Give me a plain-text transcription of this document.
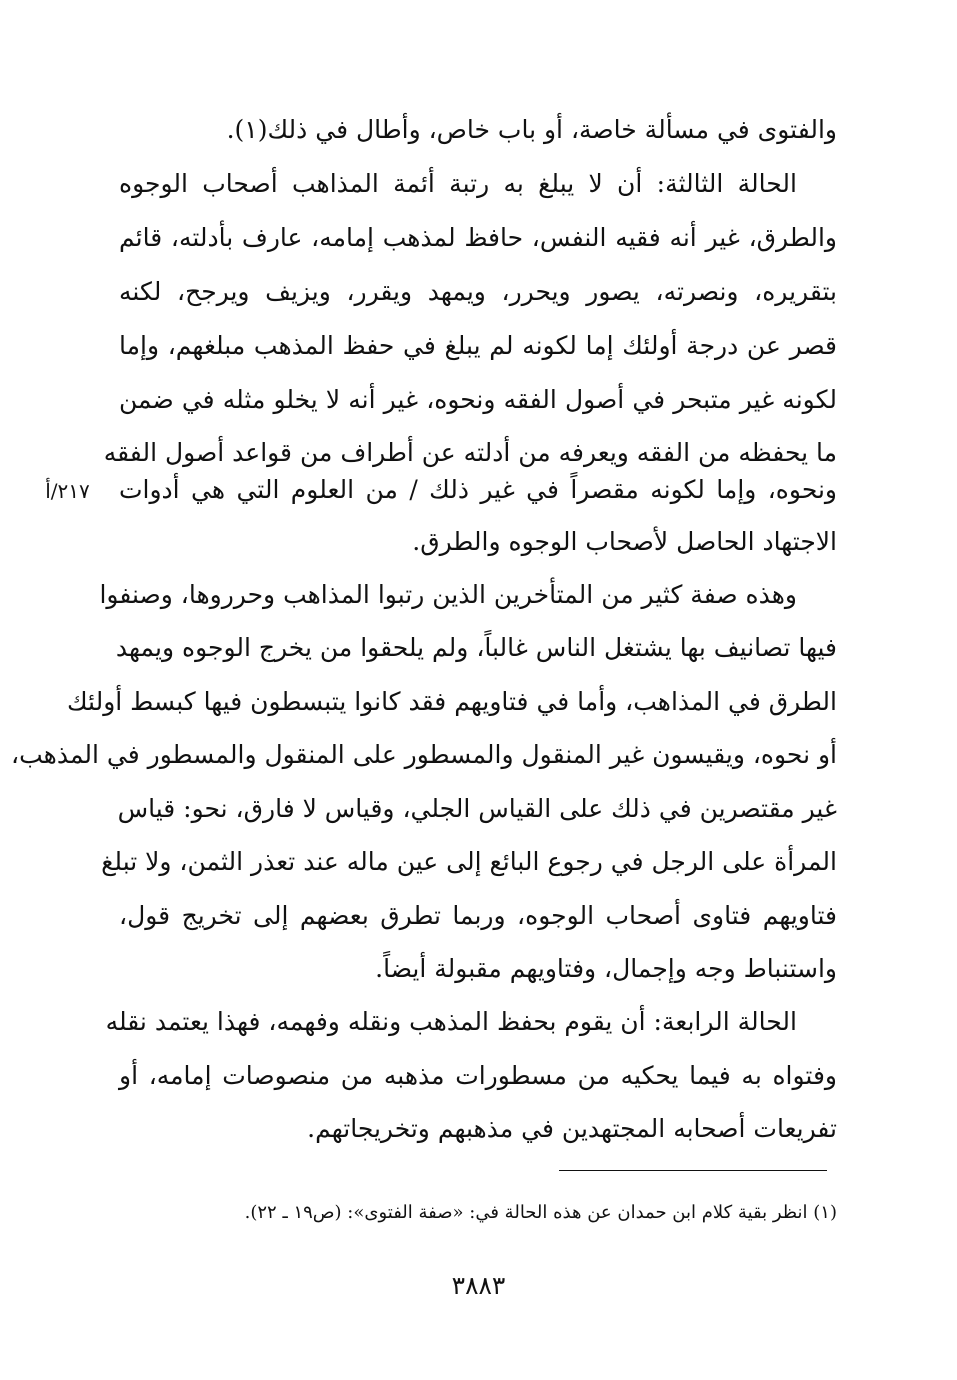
والفتوى في مسألة خاصة، أو باب خاص، وأطال في ذلك(١).
الحالة الثالثة: أن لا يبلغ به رتبة أئمة المذاهب أصحاب الوجوه
والطرق، غير أنه فقيه النفس، حافظ لمذهب إمامه، عارف بأدلته، قائم
بتقريره، ونصرته، يصور ويحرر، ويمهد ويقرر، ويزيف ويرجح، لكنه
قصر عن درجة أولئك إما لكونه لم يبلغ في حفظ المذهب مبلغهم، وإما
لكونه غير متبحر في أصول الفقه ونحوه، غير أنه لا يخلو مثله في ضمن
ما يحفظه من الفقه ويعرفه من أدلته عن أطراف من قواعد أصول الفقه
ونحوه، وإما لكونه مقصراً في غير ذلك / من العلوم التي هي أدوات
٢١٧/أ
الاجتهاد الحاصل لأصحاب الوجوه والطرق.
وهذه صفة كثير من المتأخرين الذين رتبوا المذاهب وحرروها، وصنفوا
فيها تصانيف بها يشتغل الناس غالباً، ولم يلحقوا من يخرج الوجوه ويمهد
الطرق في المذاهب، وأما في فتاويهم فقد كانوا يتبسطون فيها كبسط أولئك
أو نحوه، ويقيسون غير المنقول والمسطور على المنقول والمسطور في المذهب،
غير مقتصرين في ذلك على القياس الجلي، وقياس لا فارق، نحو: قياس
المرأة على الرجل في رجوع البائع إلى عين ماله عند تعذر الثمن، ولا تبلغ
فتاويهم فتاوى أصحاب الوجوه، وربما تطرق بعضهم إلى تخريج قول،
واستنباط وجه وإجمال، وفتاويهم مقبولة أيضاً.
الحالة الرابعة: أن يقوم بحفظ المذهب ونقله وفهمه، فهذا يعتمد نقله
وفتواه به فيما يحكيه من مسطورات مذهبه من منصوصات إمامه، أو
تفريعات أصحابه المجتهدين في مذهبهم وتخريجاتهم.
(١) انظر بقية كلام ابن حمدان عن هذه الحالة في: «صفة الفتوى»: (ص١٩ ـ ٢٢).
٣٨٨٣
